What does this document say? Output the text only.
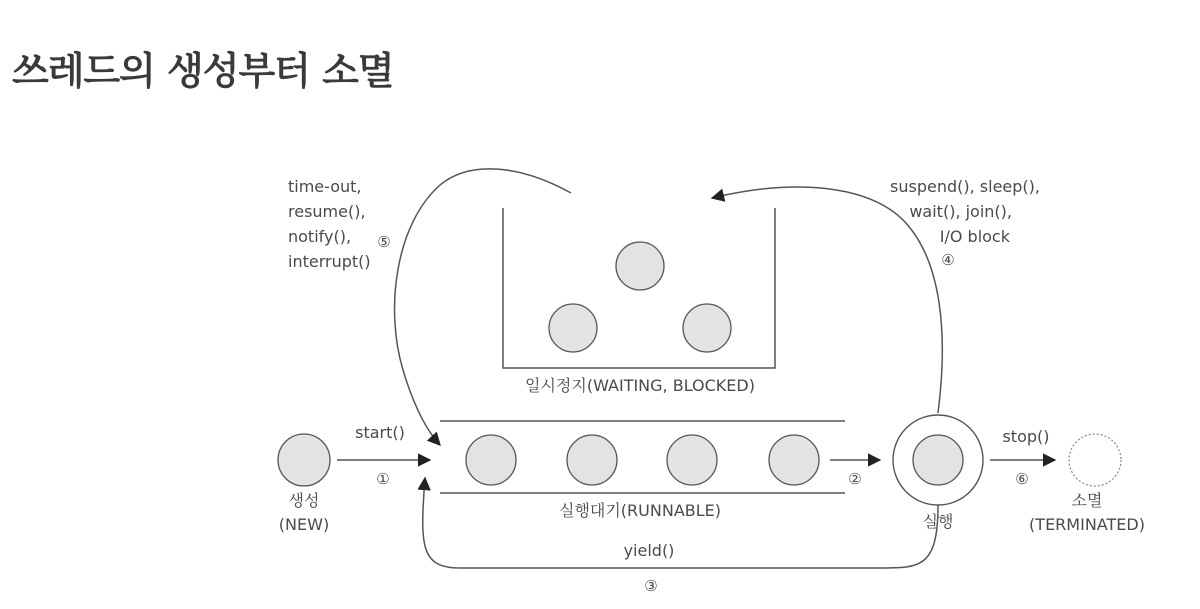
쓰레드의 생성부터 소멸
일시정지(WAITING, BLOCKED)
실행대기(RUNNABLE)
생성
(NEW)
start()
①	②
실행
stop()
⑥
소멸
(TERMINATED)
yield()
③
suspend(), sleep(),
wait(), join(),
I/O block
④
time-out,
resume(),
notify(),
interrupt()
⑤
